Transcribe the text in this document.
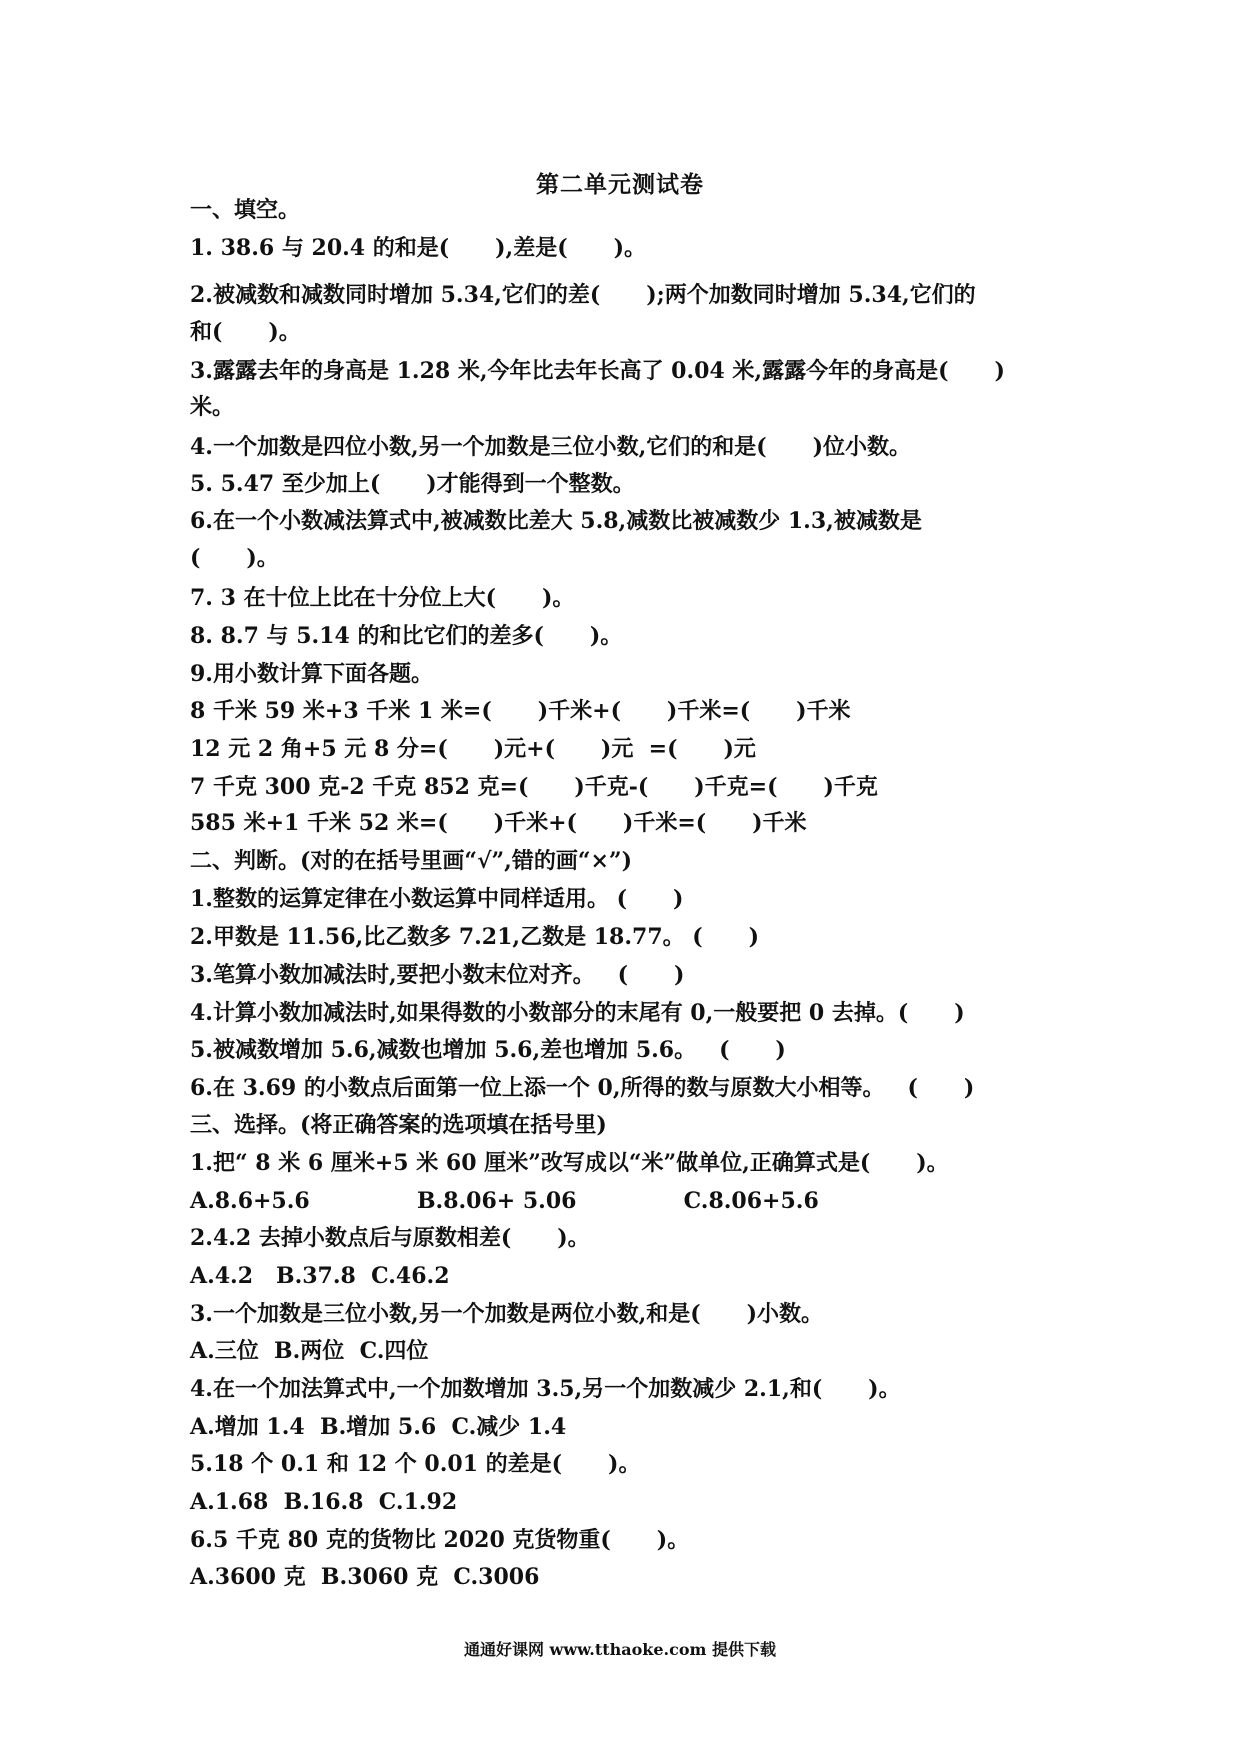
第二单元测试卷
一、填空。
1. 38.6 与 20.4 的和是(      ),差是(      )。
2.被减数和减数同时增加 5.34,它们的差(      );两个加数同时增加 5.34,它们的
和(      )。
3.露露去年的身高是 1.28 米,今年比去年长高了 0.04 米,露露今年的身高是(      )
米。
4.一个加数是四位小数,另一个加数是三位小数,它们的和是(      )位小数。
5. 5.47 至少加上(      )才能得到一个整数。
6.在一个小数减法算式中,被减数比差大 5.8,减数比被减数少 1.3,被减数是
(      )。
7. 3 在十位上比在十分位上大(      )。
8. 8.7 与 5.14 的和比它们的差多(      )。
9.用小数计算下面各题。
8 千米 59 米+3 千米 1 米=(      )千米+(      )千米=(      )千米
12 元 2 角+5 元 8 分=(      )元+(      )元  =(      )元
7 千克 300 克-2 千克 852 克=(      )千克-(      )千克=(      )千克
585 米+1 千米 52 米=(      )千米+(      )千米=(      )千米
二、判断。(对的在括号里画“√”,错的画“×”)
1.整数的运算定律在小数运算中同样适用。 (      )
2.甲数是 11.56,比乙数多 7.21,乙数是 18.77。 (      )
3.笔算小数加减法时,要把小数末位对齐。   (      )
4.计算小数加减法时,如果得数的小数部分的末尾有 0,一般要把 0 去掉。(      )
5.被减数增加 5.6,减数也增加 5.6,差也增加 5.6。   (      )
6.在 3.69 的小数点后面第一位上添一个 0,所得的数与原数大小相等。   (      )
三、选择。(将正确答案的选项填在括号里)
1.把“ 8 米 6 厘米+5 米 60 厘米”改写成以“米”做单位,正确算式是(      )。
A.8.6+5.6              B.8.06+ 5.06              C.8.06+5.6
2.4.2 去掉小数点后与原数相差(      )。
A.4.2   B.37.8  C.46.2
3.一个加数是三位小数,另一个加数是两位小数,和是(      )小数。
A.三位  B.两位  C.四位
4.在一个加法算式中,一个加数增加 3.5,另一个加数减少 2.1,和(      )。
A.增加 1.4  B.增加 5.6  C.减少 1.4
5.18 个 0.1 和 12 个 0.01 的差是(      )。
A.1.68  B.16.8  C.1.92
6.5 千克 80 克的货物比 2020 克货物重(      )。
A.3600 克  B.3060 克  C.3006
通通好课网 www.tthaoke.com 提供下载
